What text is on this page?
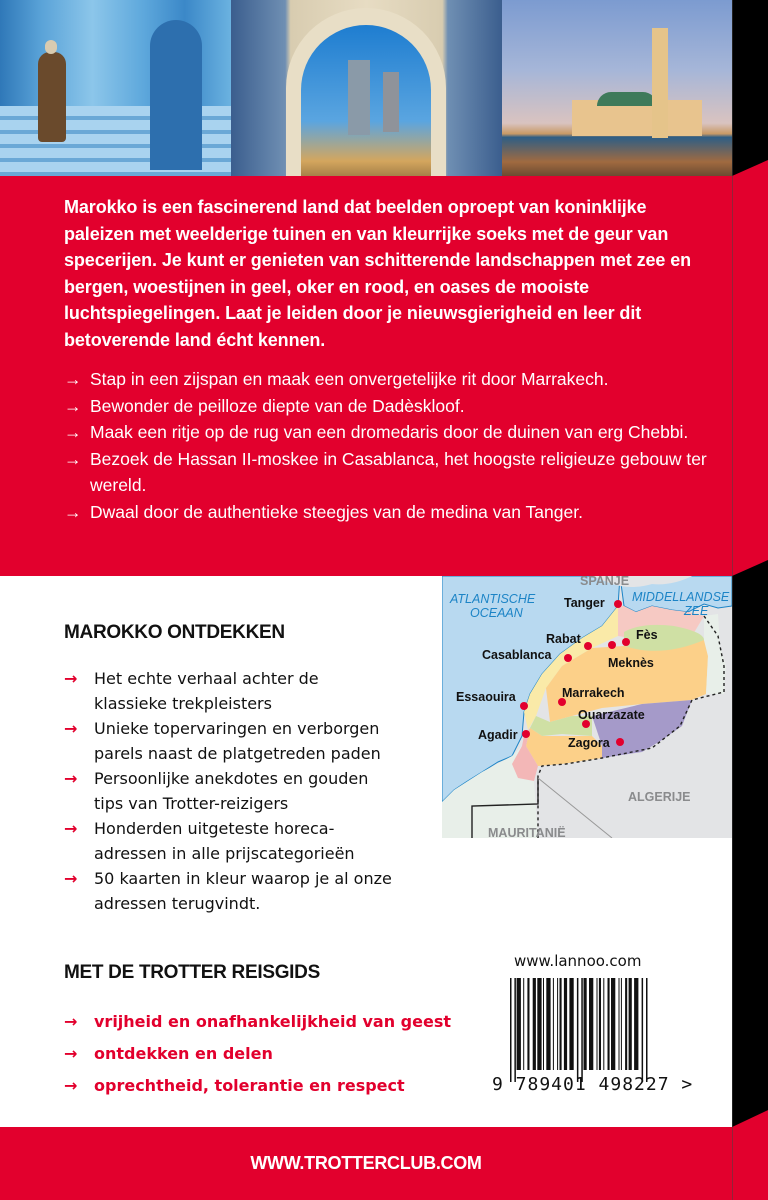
Marokko is een fascinerend land dat beelden oproept van koninklijke paleizen met weelderige tuinen en van kleurrijke soeks met de geur van specerijen. Je kunt er genieten van schitterende landschappen met zee en bergen, woestijnen in geel, oker en rood, en oases de mooiste luchtspiegelingen. Laat je leiden door je nieuwsgierigheid en leer dit betoverende land écht kennen.
→ Stap in een zijspan en maak een onvergetelijke rit door Marrakech.
→ Bewonder de peilloze diepte van de Dadèskloof.
→ Maak een ritje op de rug van een dromedaris door de duinen van erg Chebbi.
→ Bezoek de Hassan II-moskee in Casablanca, het hoogste religieuze gebouw ter wereld.
→ Dwaal door de authentieke steegjes van de medina van Tanger.
MAROKKO ONTDEKKEN
→ Het echte verhaal achter de klassieke trekpleisters
→ Unieke topervaringen en verborgen parels naast de platgetreden paden
→ Persoonlijke anekdotes en gouden tips van Trotter-reizigers
→ Honderden uitgeteste horeca-adressen in alle prijscategorieën
→ 50 kaarten in kleur waarop je al onze adressen terugvindt.
SPANJE
ATLANTISCHE
OCEAAN
MIDDELLANDSE
ZEE
Tanger
Rabat
Casablanca
Fès
Meknès
Essaouira	Marrakech
Ouarzazate
Agadir
Zagora
ALGERIJE
MAURITANIË
MET DE TROTTER REISGIDS
→ vrijheid en onafhankelijkheid van geest
→ ontdekken en delen
→ oprechtheid, tolerantie en respect
www.lannoo.com
9 789401 498227 >
WWW.TROTTERCLUB.COM
